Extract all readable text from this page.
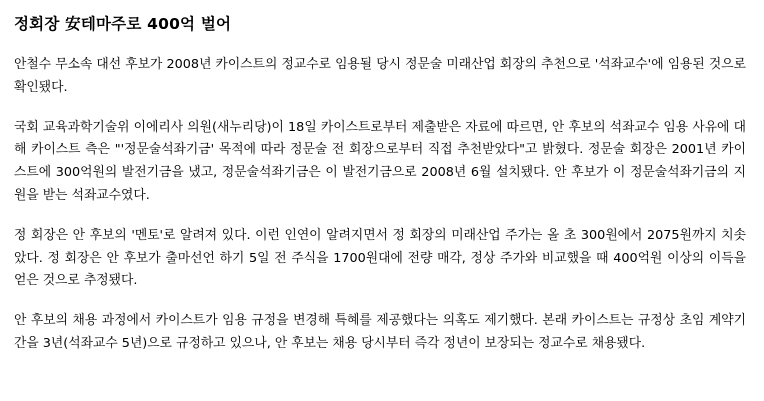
정회장 安테마주로 400억 벌어

안철수 무소속 대선 후보가 2008년 카이스트의 정교수로 임용될 당시 정문술 미래산업 회장의 추천으로 '석좌교수'에 임용된 것으로 확인됐다.

국회 교육과학기술위 이에리사 의원(새누리당)이 18일 카이스트로부터 제출받은 자료에 따르면, 안 후보의 석좌교수 임용 사유에 대해 카이스트 측은 "'정문술석좌기금' 목적에 따라 정문술 전 회장으로부터 직접 추천받았다"고 밝혔다. 정문술 회장은 2001년 카이스트에 300억원의 발전기금을 냈고, 정문술석좌기금은 이 발전기금으로 2008년 6월 설치됐다. 안 후보가 이 정문술석좌기금의 지원을 받는 석좌교수였다.

정 회장은 안 후보의 '멘토'로 알려져 있다. 이런 인연이 알려지면서 정 회장의 미래산업 주가는 올 초 300원에서 2075원까지 치솟았다. 정 회장은 안 후보가 출마선언 하기 5일 전 주식을 1700원대에 전량 매각, 정상 주가와 비교했을 때 400억원 이상의 이득을 얻은 것으로 추정됐다.

안 후보의 채용 과정에서 카이스트가 임용 규정을 변경해 특혜를 제공했다는 의혹도 제기했다. 본래 카이스트는 규정상 초임 계약기간을 3년(석좌교수 5년)으로 규정하고 있으나, 안 후보는 채용 당시부터 즉각 정년이 보장되는 정교수로 채용됐다.
